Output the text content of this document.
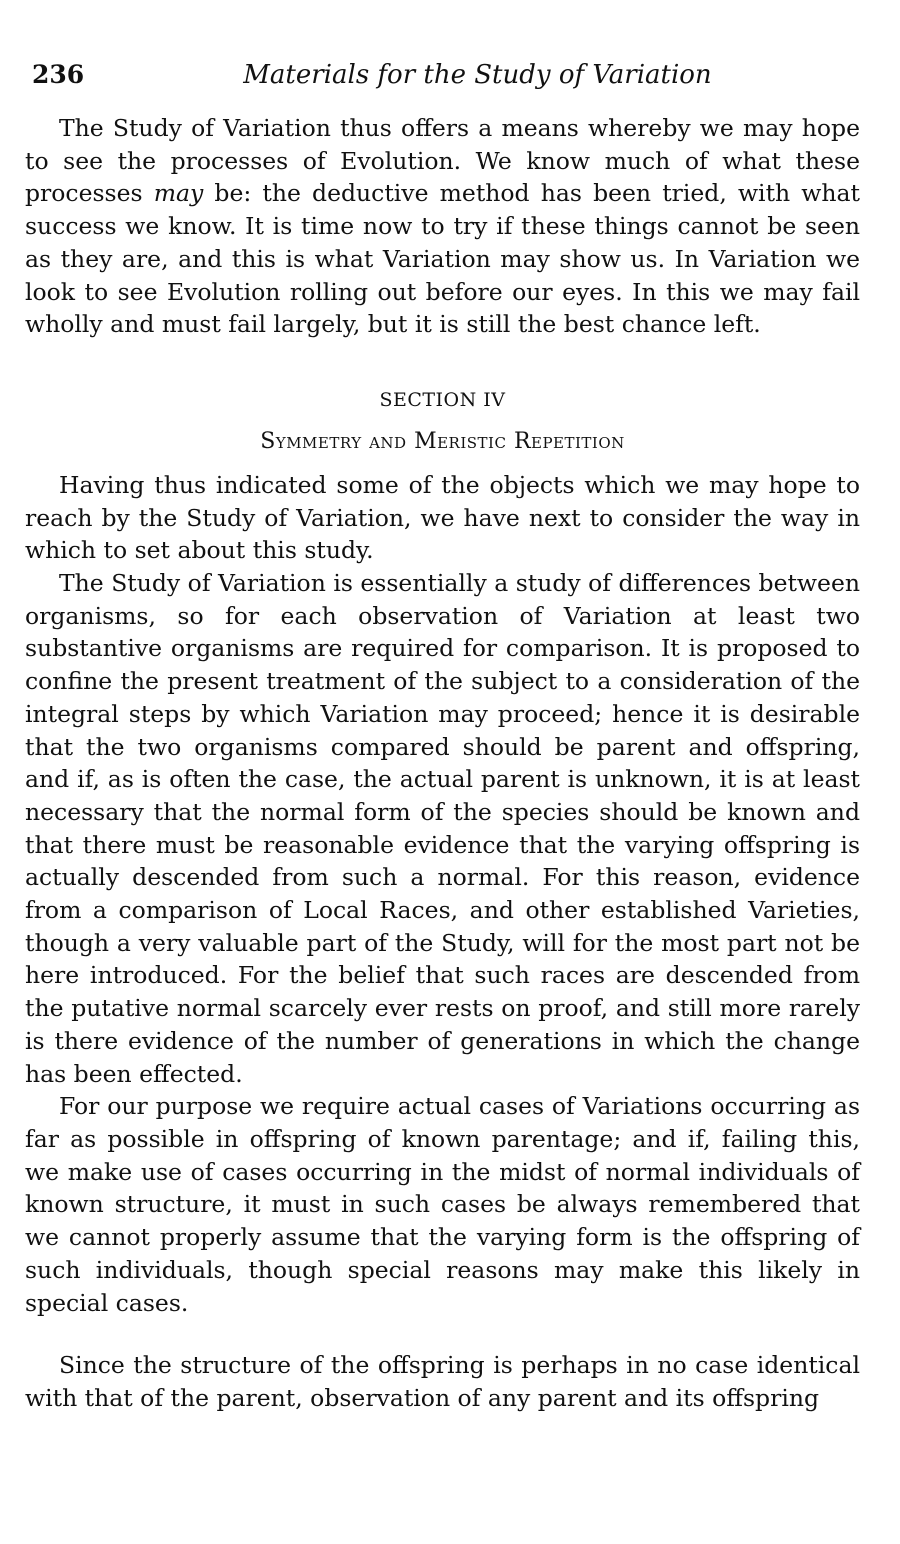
236	Materials for the Study of Variation

The Study of Variation thus offers a means whereby we may hope to see the processes of Evolution. We know much of what these processes may be: the deductive method has been tried, with what success we know. It is time now to try if these things cannot be seen as they are, and this is what Variation may show us. In Variation we look to see Evolution rolling out before our eyes. In this we may fail wholly and must fail largely, but it is still the best chance left.

SECTION IV
Symmetry and Meristic Repetition

Having thus indicated some of the objects which we may hope to reach by the Study of Variation, we have next to consider the way in which to set about this study.

The Study of Variation is essentially a study of differences between organisms, so for each observation of Variation at least two substantive organisms are required for comparison. It is proposed to confine the present treatment of the subject to a consideration of the integral steps by which Variation may proceed; hence it is desirable that the two organisms compared should be parent and offspring, and if, as is often the case, the actual parent is unknown, it is at least necessary that the normal form of the species should be known and that there must be reasonable evidence that the varying offspring is actually descended from such a normal. For this reason, evidence from a comparison of Local Races, and other established Varieties, though a very valuable part of the Study, will for the most part not be here introduced. For the belief that such races are descended from the putative normal scarcely ever rests on proof, and still more rarely is there evidence of the number of generations in which the change has been effected.

For our purpose we require actual cases of Variations occurring as far as possible in offspring of known parentage; and if, failing this, we make use of cases occurring in the midst of normal individuals of known structure, it must in such cases be always remembered that we cannot properly assume that the varying form is the offspring of such individuals, though special reasons may make this likely in special cases.

Since the structure of the offspring is perhaps in no case identical with that of the parent, observation of any parent and its offspring
